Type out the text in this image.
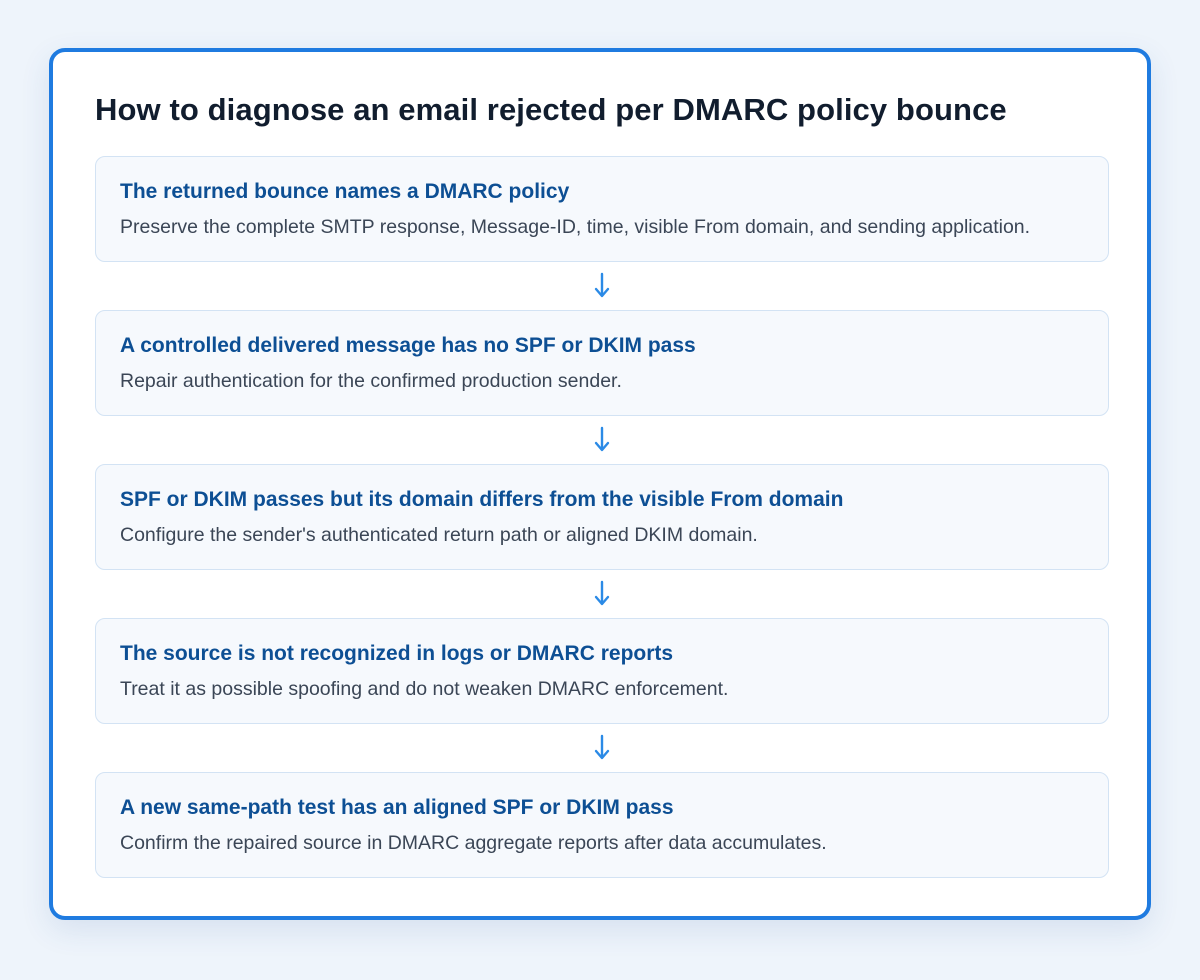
How to diagnose an email rejected per DMARC policy bounce
The returned bounce names a DMARC policy
Preserve the complete SMTP response, Message-ID, time, visible From domain, and sending application.
A controlled delivered message has no SPF or DKIM pass
Repair authentication for the confirmed production sender.
SPF or DKIM passes but its domain differs from the visible From domain
Configure the sender's authenticated return path or aligned DKIM domain.
The source is not recognized in logs or DMARC reports
Treat it as possible spoofing and do not weaken DMARC enforcement.
A new same-path test has an aligned SPF or DKIM pass
Confirm the repaired source in DMARC aggregate reports after data accumulates.
